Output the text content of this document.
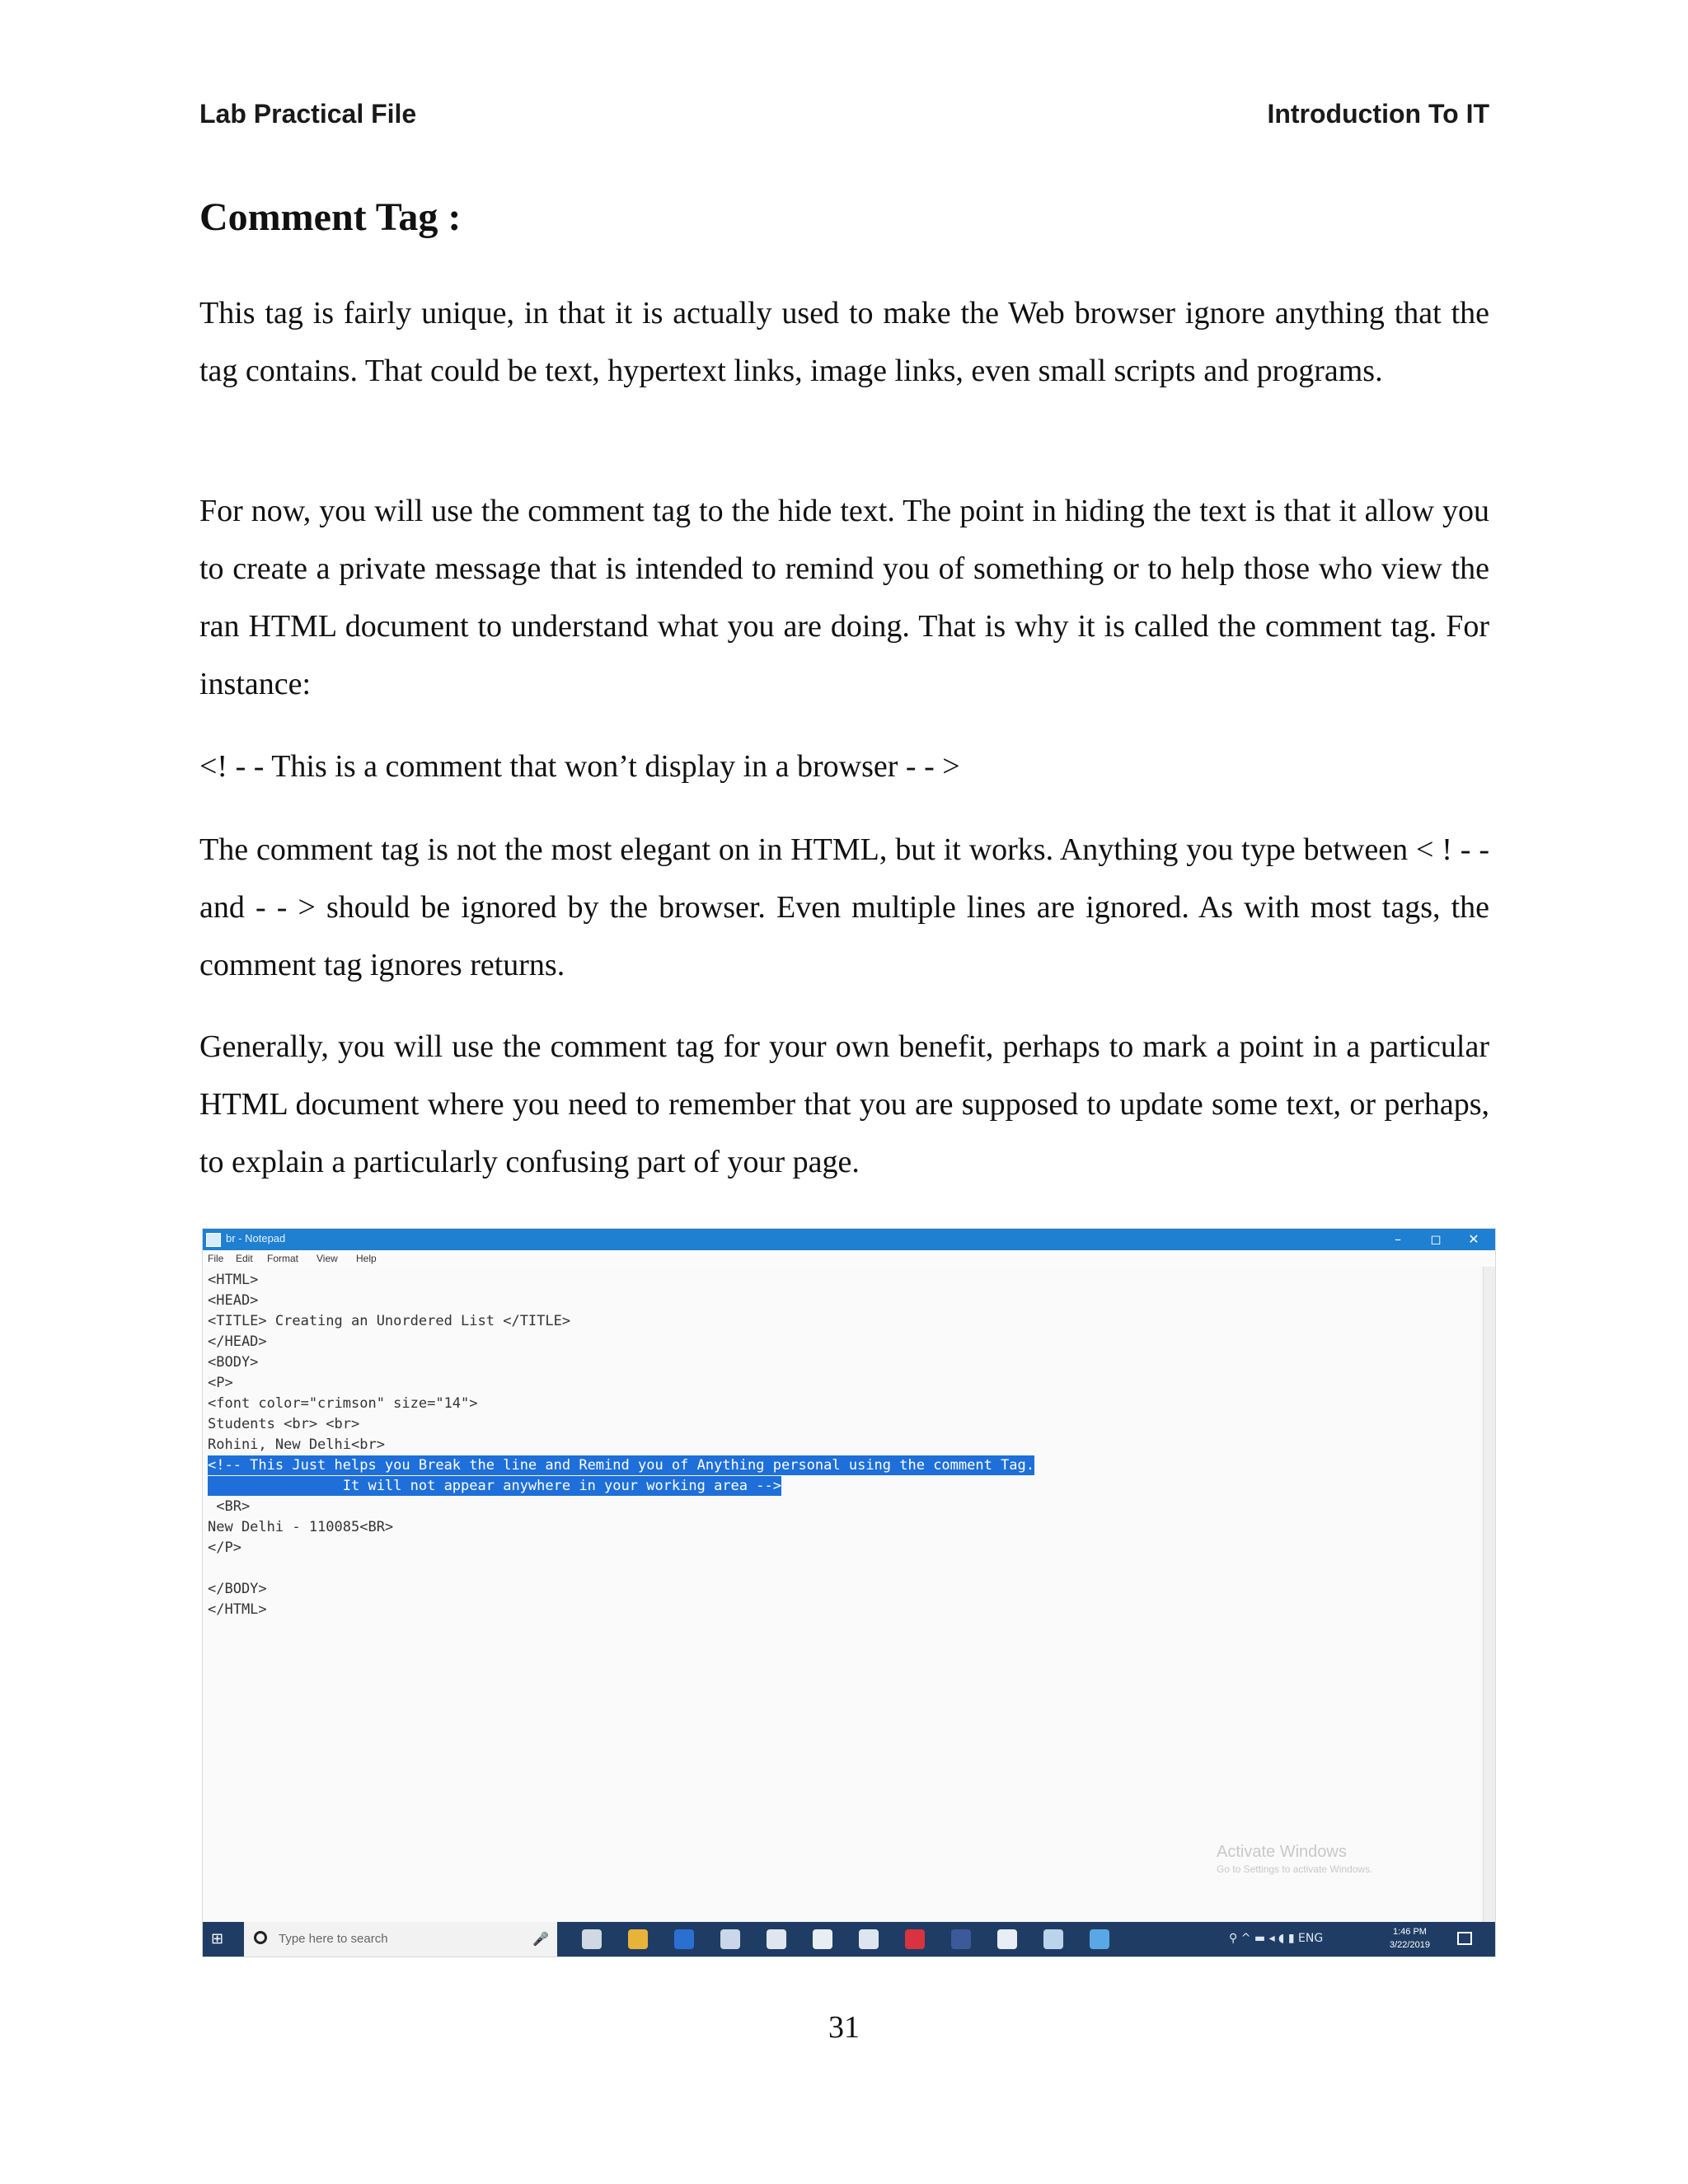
Lab Practical File	Introduction To IT
Comment Tag :

This tag is fairly unique, in that it is actually used to make the Web browser ignore anything that the tag contains. That could be text, hypertext links, image links, even small scripts and programs.

For now, you will use the comment tag to the hide text. The point in hiding the text is that it allow you to create a private message that is intended to remind you of something or to help those who view the ran HTML document to understand what you are doing. That is why it is called the comment tag. For instance:

<! - - This is a comment that won’t display in a browser - - >

The comment tag is not the most elegant on in HTML, but it works. Anything you type between < ! - - and - - > should be ignored by the browser. Even multiple lines are ignored. As with most tags, the comment tag ignores returns.

Generally, you will use the comment tag for your own benefit, perhaps to mark a point in a particular HTML document where you need to remember that you are supposed to update some text, or perhaps, to explain a particularly confusing part of your page.

br - Notepad	–	◻	✕
File Edit Format View Help
<HTML>
<HEAD>
<TITLE> Creating an Unordered List </TITLE>
</HEAD>
<BODY>
<P>
<font color="crimson" size="14">
Students <br> <br>
Rohini, New Delhi<br>
<!-- This Just helps you Break the line and Remind you of Anything personal using the comment Tag.
It will not appear anywhere in your working area -->
<BR>
New Delhi - 110085<BR>
</P>
</BODY>
</HTML>
Activate Windows
Go to Settings to activate Windows.
⊞	Type here to search	🎤	⚲ ^ ▬ ◂ ◖ ▮ ENG	1:46 PM
3/22/2019
31
